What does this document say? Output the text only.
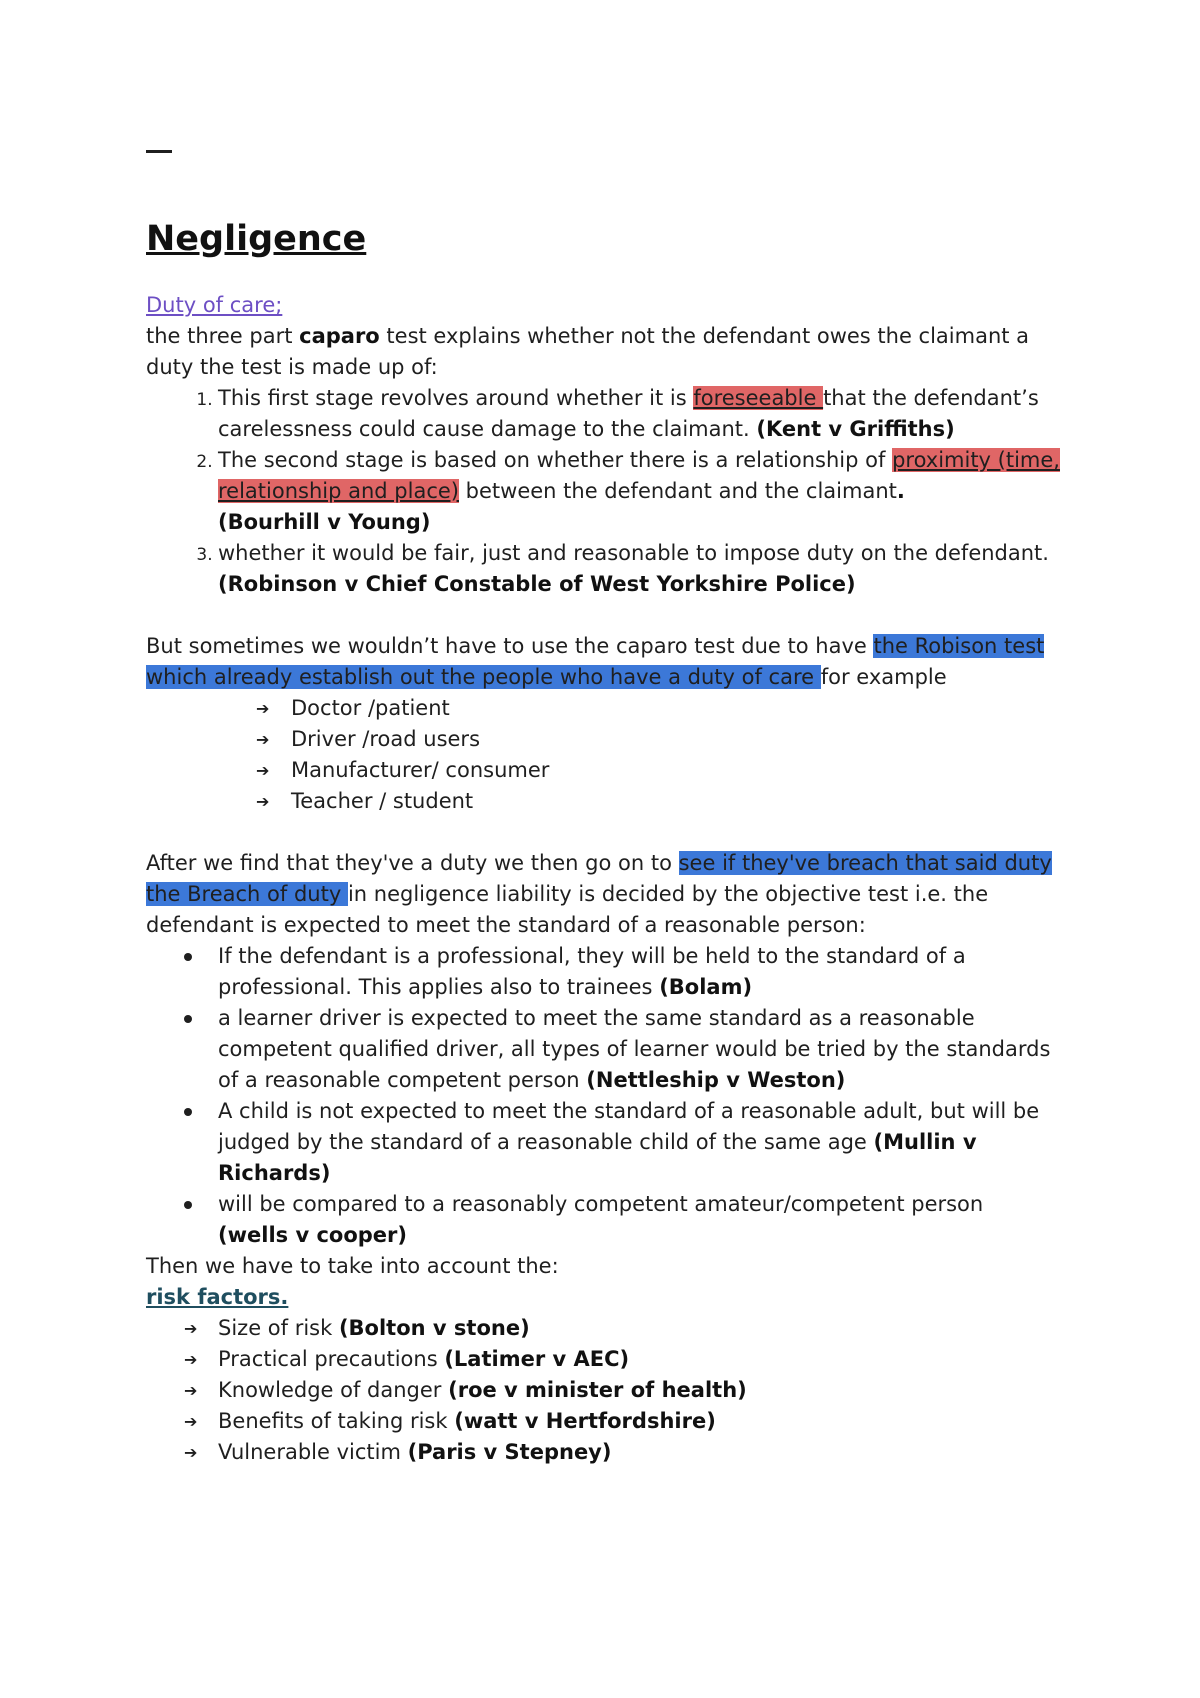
Negligence

Duty of care;

the three part caparo test explains whether not the defendant owes the claimant a duty the test is made up of:

1. This first stage revolves around whether it is foreseeable that the defendant’s carelessness could cause damage to the claimant. (Kent v Griffiths)
2. The second stage is based on whether there is a relationship of proximity (time, relationship and place) between the defendant and the claimant.
(Bourhill v Young)
3. whether it would be fair, just and reasonable to impose duty on the defendant. (Robinson v Chief Constable of West Yorkshire Police)

But sometimes we wouldn’t have to use the caparo test due to have the Robison test which already establish out the people who have a duty of care for example

➔ Doctor /patient
➔ Driver /road users
➔ Manufacturer/ consumer
➔ Teacher / student

After we find that they've a duty we then go on to see if they've breach that said duty the Breach of duty in negligence liability is decided by the objective test i.e. the defendant is expected to meet the standard of a reasonable person:

If the defendant is a professional, they will be held to the standard of a professional. This applies also to trainees (Bolam)
a learner driver is expected to meet the same standard as a reasonable competent qualified driver, all types of learner would be tried by the standards of a reasonable competent person (Nettleship v Weston)
A child is not expected to meet the standard of a reasonable adult, but will be judged by the standard of a reasonable child of the same age (Mullin v Richards)
will be compared to a reasonably competent amateur/competent person
(wells v cooper)

Then we have to take into account the:

risk factors.

➔ Size of risk (Bolton v stone)
➔ Practical precautions (Latimer v AEC)
➔ Knowledge of danger (roe v minister of health)
➔ Benefits of taking risk (watt v Hertfordshire)
➔ Vulnerable victim (Paris v Stepney)
